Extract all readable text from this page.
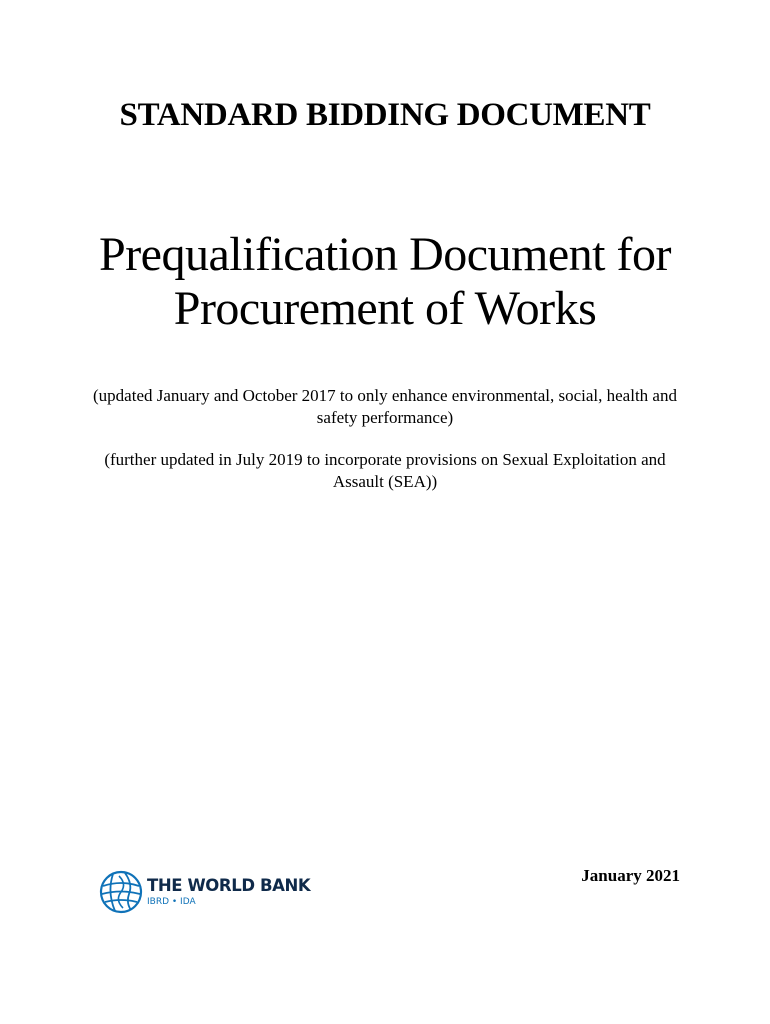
STANDARD BIDDING DOCUMENT
Prequalification Document for
Procurement of Works
(updated January and October 2017 to only enhance environmental, social, health and safety performance)
(further updated in July 2019 to incorporate provisions on Sexual Exploitation and Assault (SEA))
THE WORLD BANK
IBRD • IDA
January 2021
